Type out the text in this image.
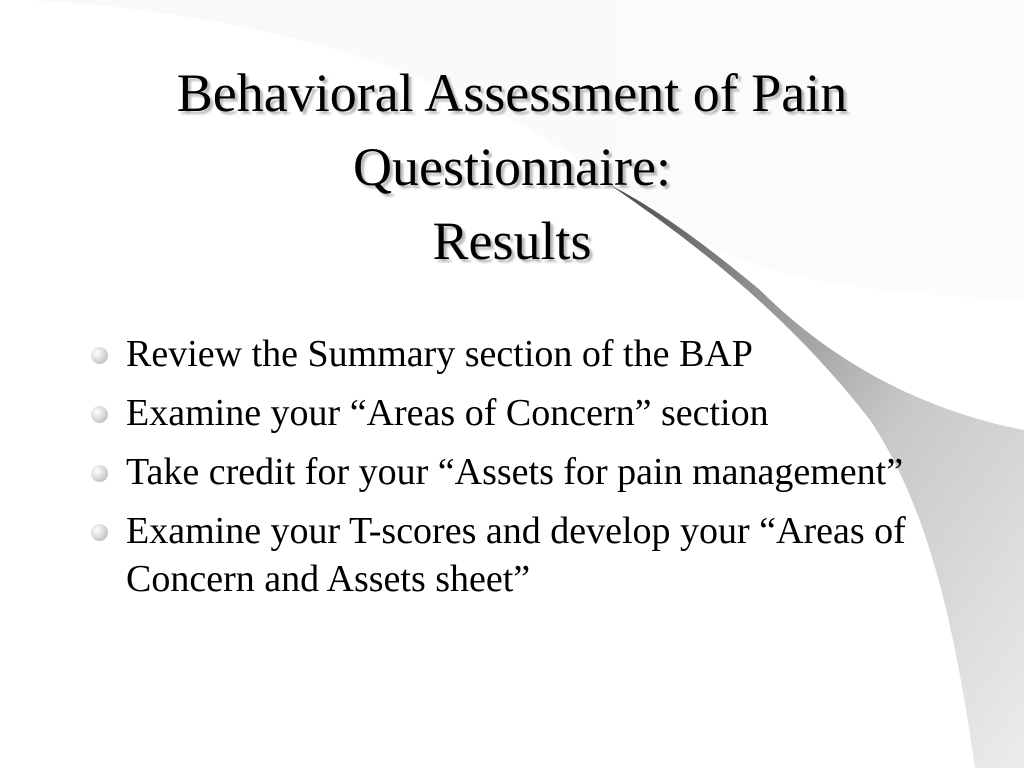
Behavioral Assessment of Pain
Questionnaire:
Results
Review the Summary section of the BAP
Examine your “Areas of Concern” section
Take credit for your “Assets for pain management”
Examine your T-scores and develop your “Areas of Concern and Assets sheet”
